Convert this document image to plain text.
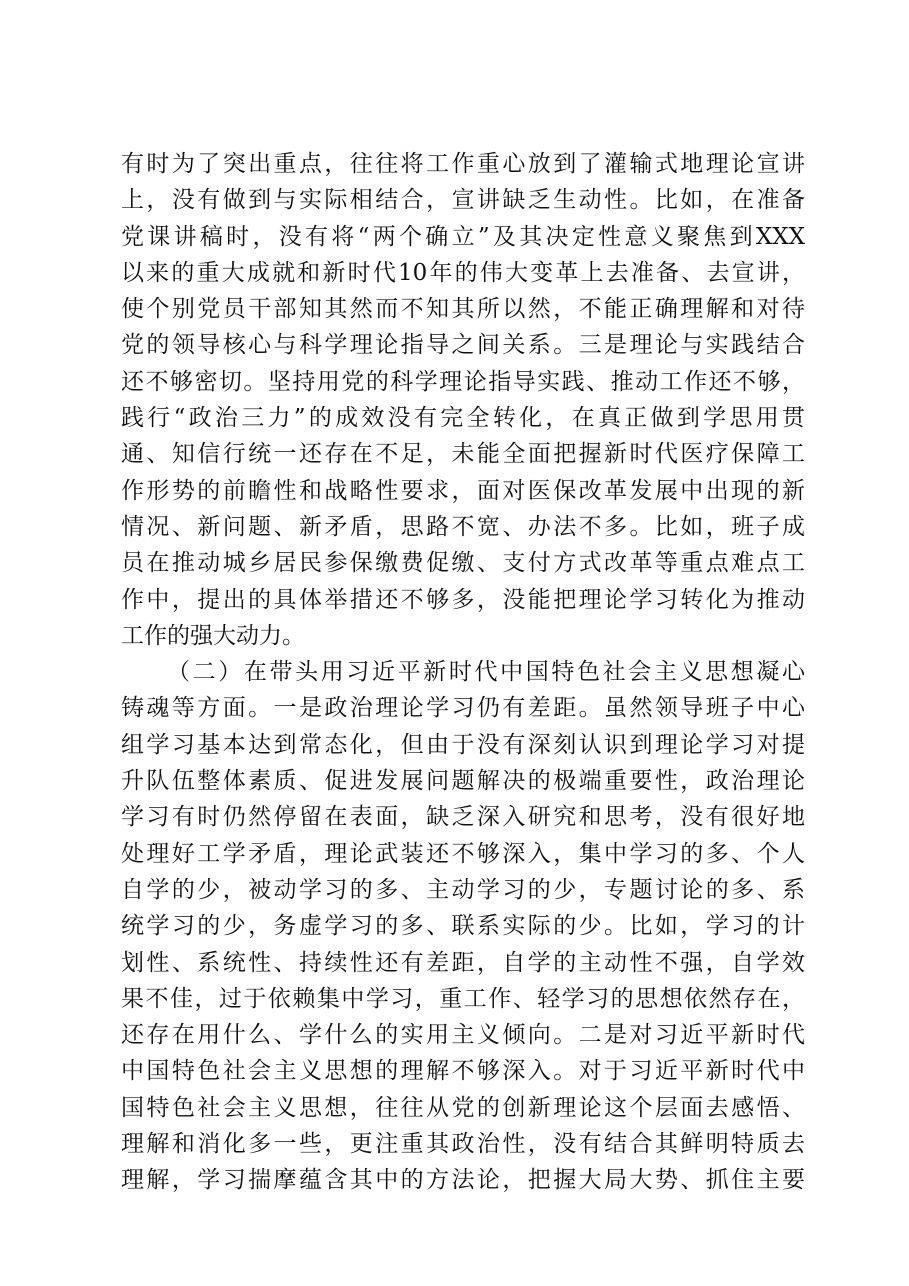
有时为了突出重点，往往将工作重心放到了灌输式地理论宣讲
上，没有做到与实际相结合，宣讲缺乏生动性。比如，在准备
党课讲稿时，没有将“两个确立”及其决定性意义聚焦到XXX
以来的重大成就和新时代10年的伟大变革上去准备、去宣讲，
使个别党员干部知其然而不知其所以然，不能正确理解和对待
党的领导核心与科学理论指导之间关系。三是理论与实践结合
还不够密切。坚持用党的科学理论指导实践、推动工作还不够，
践行“政治三力”的成效没有完全转化，在真正做到学思用贯
通、知信行统一还存在不足，未能全面把握新时代医疗保障工
作形势的前瞻性和战略性要求，面对医保改革发展中出现的新
情况、新问题、新矛盾，思路不宽、办法不多。比如，班子成
员在推动城乡居民参保缴费促缴、支付方式改革等重点难点工
作中，提出的具体举措还不够多，没能把理论学习转化为推动
工作的强大动力。
（二）在带头用习近平新时代中国特色社会主义思想凝心
铸魂等方面。一是政治理论学习仍有差距。虽然领导班子中心
组学习基本达到常态化，但由于没有深刻认识到理论学习对提
升队伍整体素质、促进发展问题解决的极端重要性，政治理论
学习有时仍然停留在表面，缺乏深入研究和思考，没有很好地
处理好工学矛盾，理论武装还不够深入，集中学习的多、个人
自学的少，被动学习的多、主动学习的少，专题讨论的多、系
统学习的少，务虚学习的多、联系实际的少。比如，学习的计
划性、系统性、持续性还有差距，自学的主动性不强，自学效
果不佳，过于依赖集中学习，重工作、轻学习的思想依然存在，
还存在用什么、学什么的实用主义倾向。二是对习近平新时代
中国特色社会主义思想的理解不够深入。对于习近平新时代中
国特色社会主义思想，往往从党的创新理论这个层面去感悟、
理解和消化多一些，更注重其政治性，没有结合其鲜明特质去
理解，学习揣摩蕴含其中的方法论，把握大局大势、抓住主要
